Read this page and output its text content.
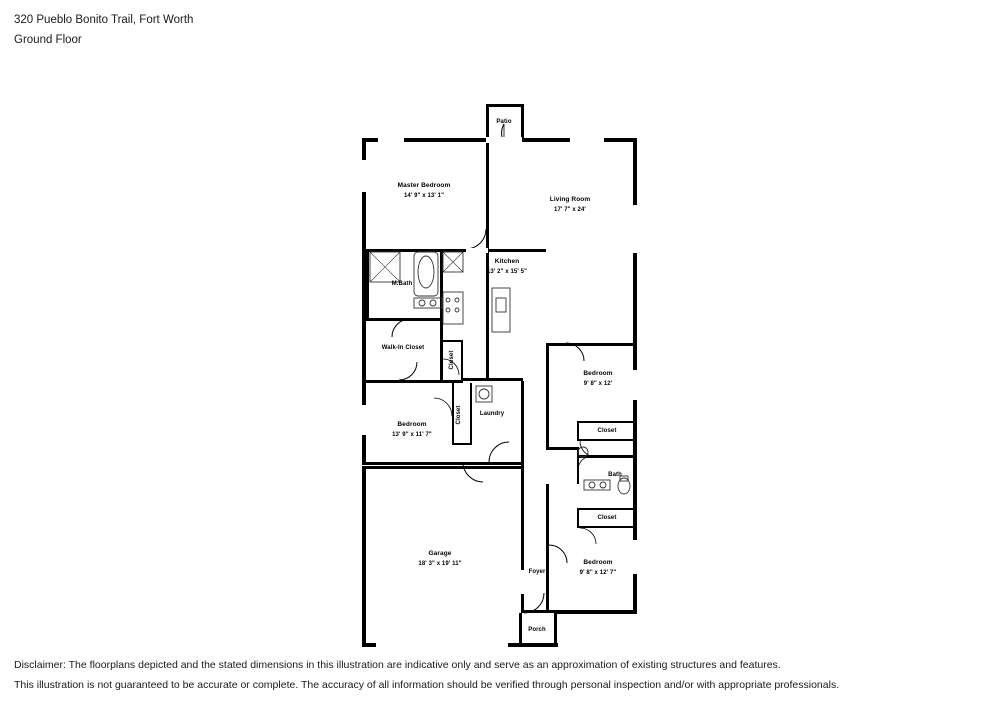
320 Pueblo Bonito Trail, Fort Worth
Ground Floor
Patio
Master Bedroom
14' 9" x 13' 1"
Living Room
17' 7" x 24'
M.Bath
Kitchen
13' 2" x 15' 5"
Walk-In Closet
Closet
Closet	Laundry
Bedroom
13' 9" x 11' 7"
Bedroom
9' 8" x 12'
Closet
Bath
Closet
Bedroom
9' 8" x 12' 7"
Garage
18' 3" x 19' 11"
Foyer
Porch
Disclaimer: The floorplans depicted and the stated dimensions in this illustration are indicative only and serve as an approximation of existing structures and features.
This illustration is not guaranteed to be accurate or complete. The accuracy of all information should be verified through personal inspection and/or with appropriate professionals.
